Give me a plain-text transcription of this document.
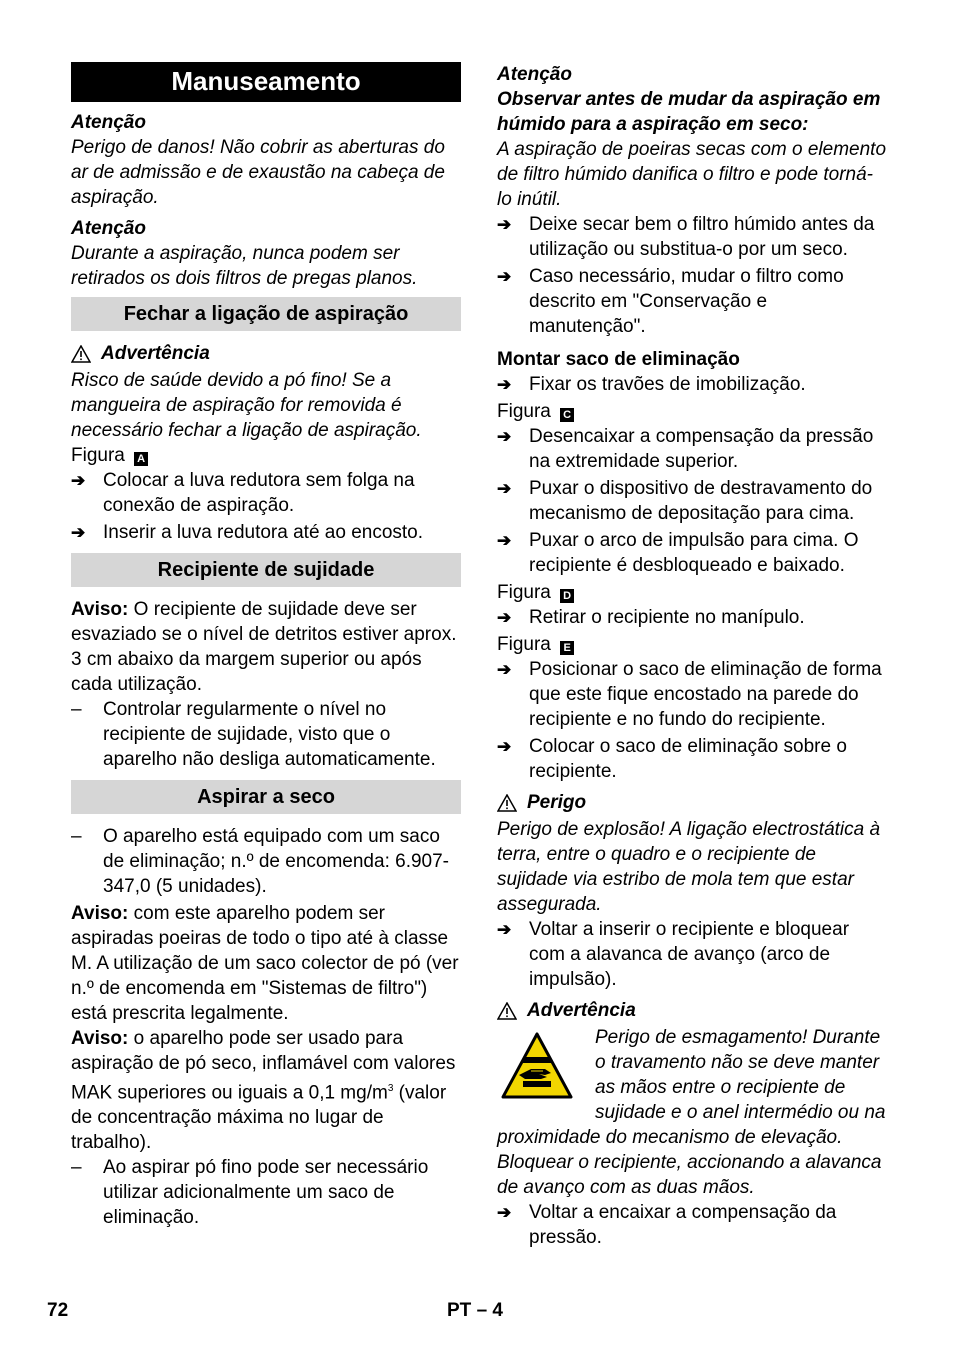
Manuseamento

Atenção

Perigo de danos! Não cobrir as aberturas do ar de admissão e de exaustão na cabeça de aspiração.

Atenção

Durante a aspiração, nunca podem ser retirados os dois filtros de pregas planos.

Fechar a ligação de aspiração
Advertência

Risco de saúde devido a pó fino! Se a mangueira de aspiração for removida é necessário fechar a ligação de aspiração.

Figura A

➔ Colocar a luva redutora sem folga na conexão de aspiração.
➔ Inserir a luva redutora até ao encosto.
Recipiente de sujidade

Aviso: O recipiente de sujidade deve ser esvaziado se o nível de detritos estiver aprox. 3 cm abaixo da margem superior ou após cada utilização.

–	Controlar regularmente o nível no recipiente de sujidade, visto que o aparelho não desliga automaticamente.
Aspirar a seco
–	O aparelho está equipado com um saco de eliminação; n.º de encomenda: 6.907-347,0 (5 unidades).

Aviso: com este aparelho podem ser aspiradas poeiras de todo o tipo até à classe M. A utilização de um saco colector de pó (ver n.º de encomenda em "Sistemas de filtro") está prescrita legalmente.

Aviso: o aparelho pode ser usado para aspiração de pó seco, inflamável com valores MAK superiores ou iguais a 0,1 $mg/m^3$ (valor de concentração máxima no lugar de trabalho).

–	Ao aspirar pó fino pode ser necessário utilizar adicionalmente um saco de eliminação.

Atenção

Observar antes de mudar da aspiração em húmido para a aspiração em seco:

A aspiração de poeiras secas com o elemento de filtro húmido danifica o filtro e pode torná-lo inútil.

➔ Deixe secar bem o filtro húmido antes da utilização ou substitua-o por um seco.
➔ Caso necessário, mudar o filtro como descrito em "Conservação e manutenção".

Montar saco de eliminação

➔ Fixar os travões de imobilização.

Figura C

➔ Desencaixar a compensação da pressão na extremidade superior.
➔ Puxar o dispositivo de destravamento do mecanismo de depositação para cima.
➔ Puxar o arco de impulsão para cima. O recipiente é desbloqueado e baixado.

Figura D

➔ Retirar o recipiente no manípulo.

Figura E

➔ Posicionar o saco de eliminação de forma que este fique encostado na parede do recipiente e no fundo do recipiente.
➔ Colocar o saco de eliminação sobre o recipiente.
Perigo

Perigo de explosão! A ligação electrostática à terra, entre o quadro e o recipiente de sujidade via estribo de mola tem que estar assegurada.

➔ Voltar a inserir o recipiente e bloquear com a alavanca de avanço (arco de impulsão).
Advertência

Perigo de esmagamento! Durante o travamento não se deve manter as mãos entre o recipiente de sujidade e o anel intermédio ou na proximidade do mecanismo de elevação. Bloquear o recipiente, accionando a alavanca de avanço com as duas mãos.

➔ Voltar a encaixar a compensação da pressão.
72	PT – 4
